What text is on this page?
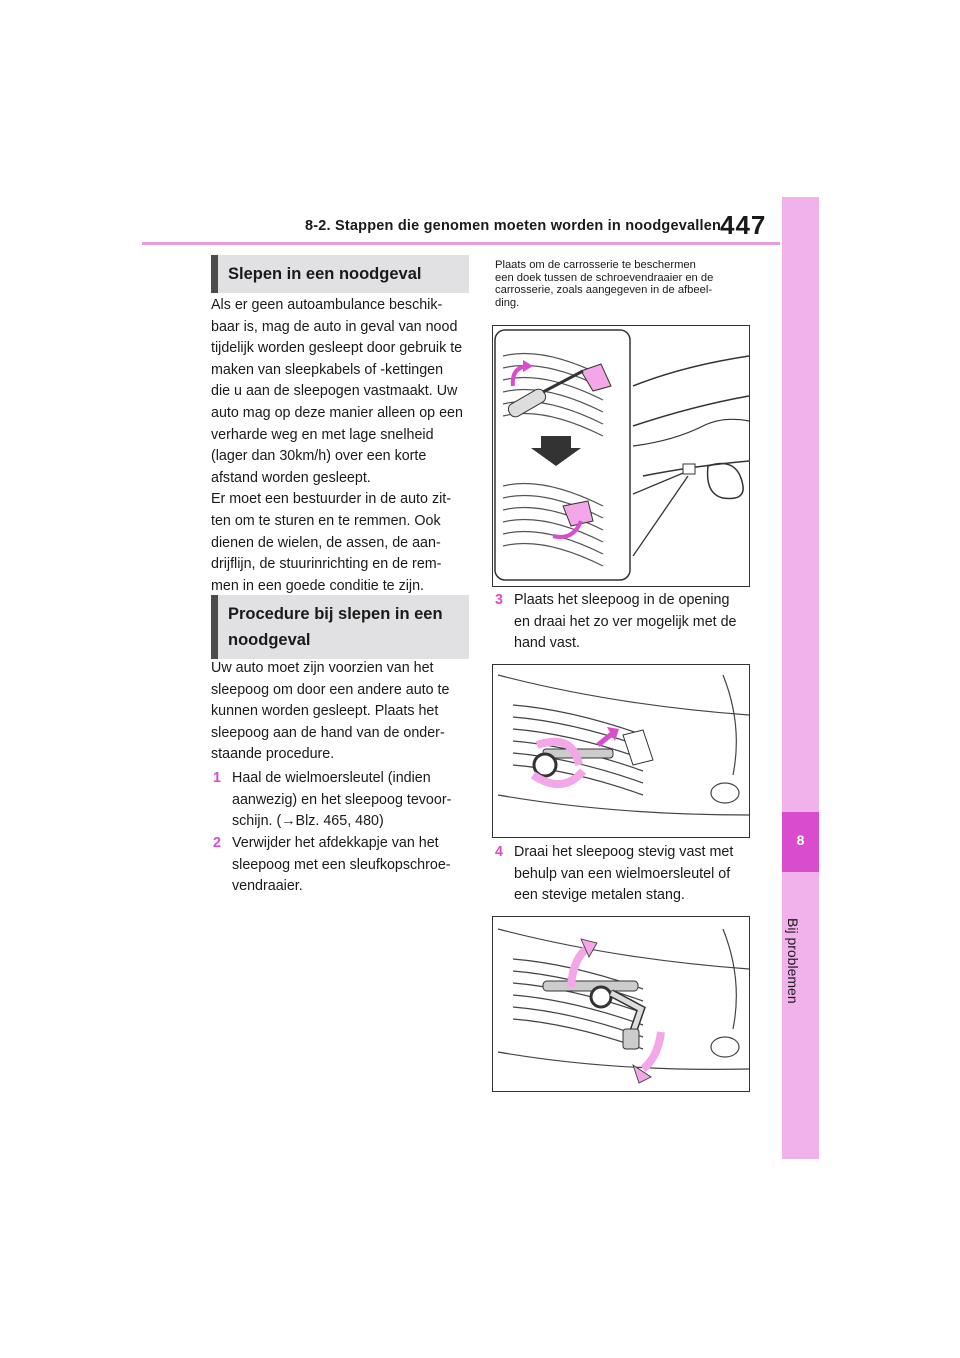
8-2. Stappen die genomen moeten worden in noodgevallen
447
8
Bij problemen
Slepen in een noodgeval

Als er geen autoambulance beschik-

baar is, mag de auto in geval van nood

tijdelijk worden gesleept door gebruik te

maken van sleepkabels of -kettingen

die u aan de sleepogen vastmaakt. Uw

auto mag op deze manier alleen op een

verharde weg en met lage snelheid

(lager dan 30km/h) over een korte

afstand worden gesleept.

Er moet een bestuurder in de auto zit-

ten om te sturen en te remmen. Ook

dienen de wielen, de assen, de aan-

drijflijn, de stuurinrichting en de rem-

men in een goede conditie te zijn.

Procedure bij slepen in een
noodgeval

Uw auto moet zijn voorzien van het

sleepoog om door een andere auto te

kunnen worden gesleept. Plaats het

sleepoog aan de hand van de onder-

staande procedure.

1 Haal de wielmoersleutel (indien
aanwezig) en het sleepoog tevoor-
schijn. (→Blz. 465, 480)
2 Verwijder het afdekkapje van het
sleepoog met een sleufkopschroe-
vendraaier.
Plaats om de carrosserie te beschermen
een doek tussen de schroevendraaier en de
carrosserie, zoals aangegeven in de afbeel-
ding.
3 Plaats het sleepoog in de opening
en draai het zo ver mogelijk met de
hand vast.
4 Draai het sleepoog stevig vast met
behulp van een wielmoersleutel of
een stevige metalen stang.
